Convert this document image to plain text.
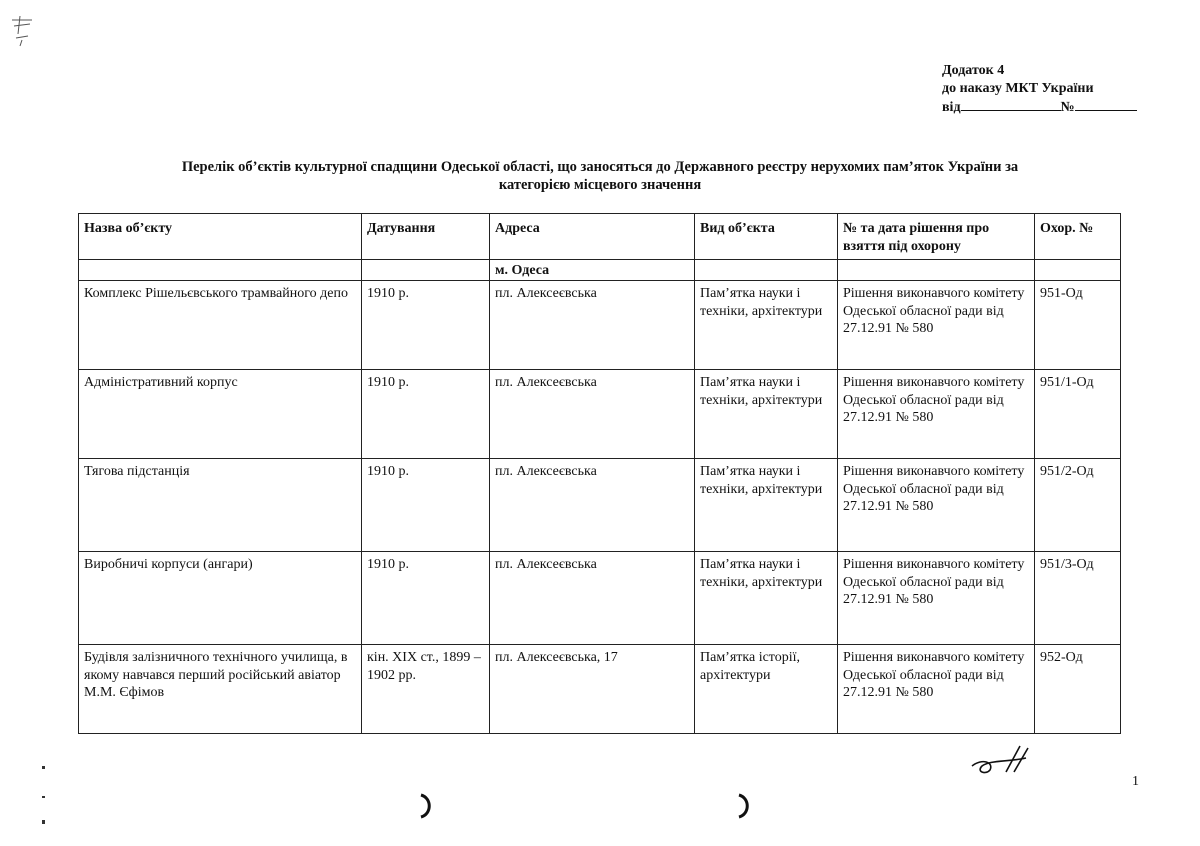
Додаток 4
до наказу МКТ України
від	№
Перелік об’єктів культурної спадщини Одеської області, що заносяться до Державного реєстру нерухомих пам’яток України за
категорією місцевого значення
Назва об’єкту	Датування	Адреса	Вид об’єкта	№ та дата рішення про взяття під охорону	Охор. №
		м. Одеса			
Комплекс Рішельєвського трамвайного депо	1910 р.	пл. Алексеєвська	Пам’ятка науки і техніки, архітектури	Рішення виконавчого комітету Одеської обласної ради від 27.12.91 № 580	951-Од
Адміністративний корпус	1910 р.	пл. Алексеєвська	Пам’ятка науки і техніки, архітектури	Рішення виконавчого комітету Одеської обласної ради від 27.12.91 № 580	951/1-Од
Тягова підстанція	1910 р.	пл. Алексеєвська	Пам’ятка науки і техніки, архітектури	Рішення виконавчого комітету Одеської обласної ради від 27.12.91 № 580	951/2-Од
Виробничі корпуси (ангари)	1910 р.	пл. Алексеєвська	Пам’ятка науки і техніки, архітектури	Рішення виконавчого комітету Одеської обласної ради від 27.12.91 № 580	951/3-Од
Будівля залізничного технічного училища, в якому навчався перший російський авіатор М.М. Єфімов	кін. XIX ст., 1899 – 1902 рр.	пл. Алексеєвська, 17	Пам’ятка історії, архітектури	Рішення виконавчого комітету Одеської обласної ради від 27.12.91 № 580	952-Од
1
